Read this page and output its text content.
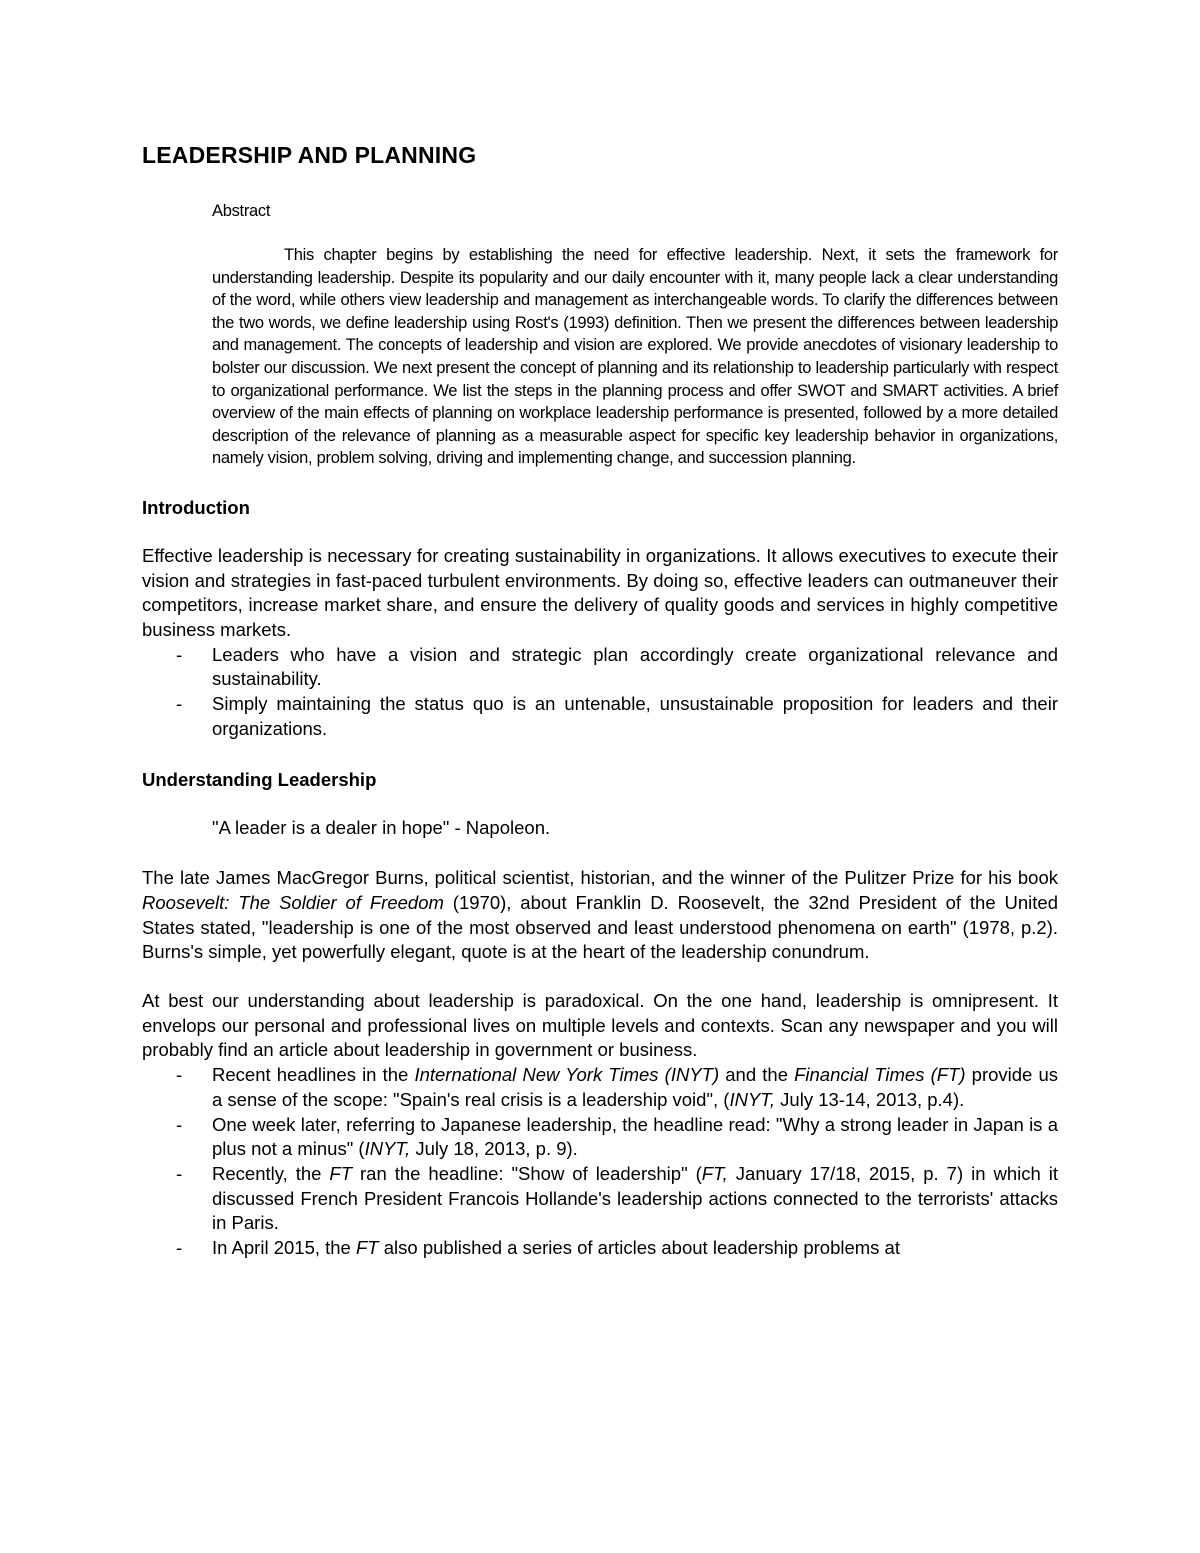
LEADERSHIP AND PLANNING

Abstract

This chapter begins by establishing the need for effective leadership. Next, it sets the framework for understanding leadership. Despite its popularity and our daily encounter with it, many people lack a clear understanding of the word, while others view leadership and management as interchangeable words. To clarify the differences between the two words, we define leadership using Rost's (1993) definition. Then we present the differences between leadership and management. The concepts of leadership and vision are explored. We provide anecdotes of visionary leadership to bolster our discussion. We next present the concept of planning and its relationship to leadership particularly with respect to organizational performance. We list the steps in the planning process and offer SWOT and SMART activities. A brief overview of the main effects of planning on workplace leadership performance is presented, followed by a more detailed description of the relevance of planning as a measurable aspect for specific key leadership behavior in organizations, namely vision, problem solving, driving and implementing change, and succession planning.

Introduction

Effective leadership is necessary for creating sustainability in organizations. It allows executives to execute their vision and strategies in fast-paced turbulent environments. By doing so, effective leaders can outmaneuver their competitors, increase market share, and ensure the delivery of quality goods and services in highly competitive business markets.

- Leaders who have a vision and strategic plan accordingly create organizational relevance and sustainability.
- Simply maintaining the status quo is an untenable, unsustainable proposition for leaders and their organizations.
Understanding Leadership

"A leader is a dealer in hope" - Napoleon.

The late James MacGregor Burns, political scientist, historian, and the winner of the Pulitzer Prize for his book Roosevelt: The Soldier of Freedom (1970), about Franklin D. Roosevelt, the 32nd President of the United States stated, "leadership is one of the most observed and least understood phenomena on earth" (1978, p.2). Burns's simple, yet powerfully elegant, quote is at the heart of the leadership conundrum.

At best our understanding about leadership is paradoxical. On the one hand, leadership is omnipresent. It envelops our personal and professional lives on multiple levels and contexts. Scan any newspaper and you will probably find an article about leadership in government or business.

- Recent headlines in the International New York Times (INYT) and the Financial Times (FT) provide us a sense of the scope: "Spain's real crisis is a leadership void", (INYT, July 13-14, 2013, p.4).
- One week later, referring to Japanese leadership, the headline read: "Why a strong leader in Japan is a plus not a minus" (INYT, July 18, 2013, p. 9).
- Recently, the FT ran the headline: "Show of leadership" (FT, January 17/18, 2015, p. 7) in which it discussed French President Francois Hollande's leadership actions connected to the terrorists' attacks in Paris.
- In April 2015, the FT also published a series of articles about leadership problems at
